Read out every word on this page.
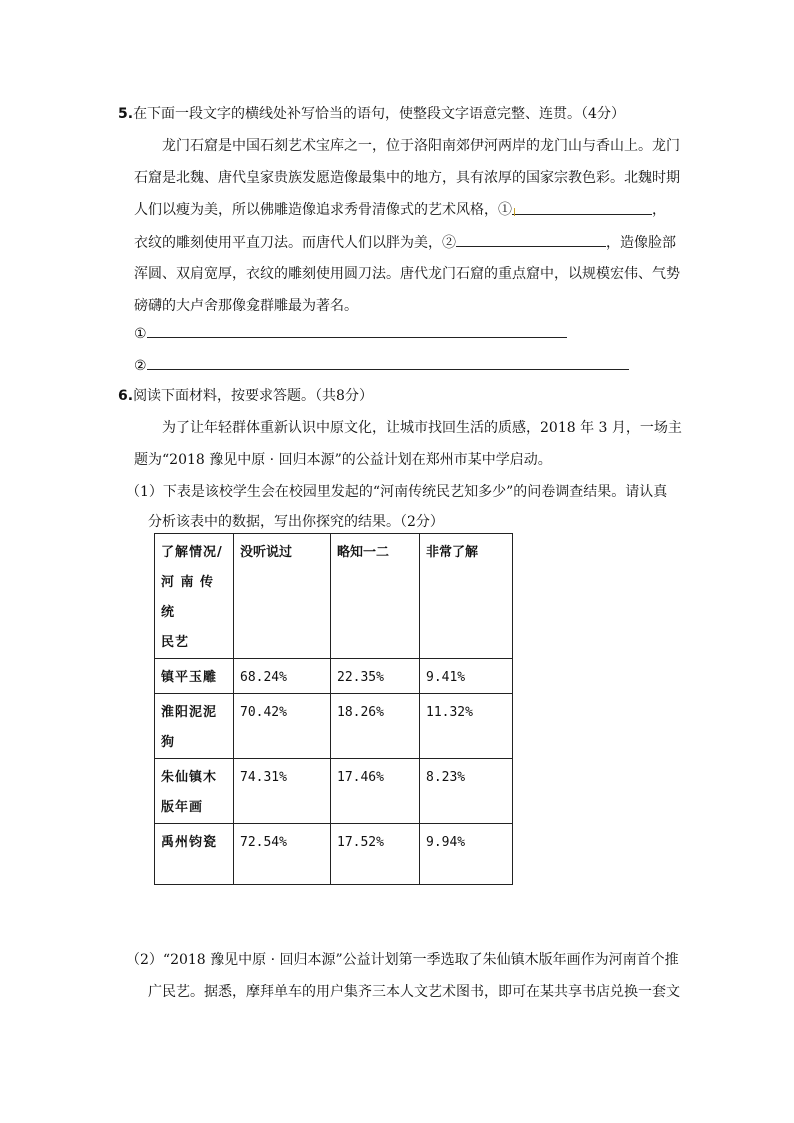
5.在下面一段文字的横线处补写恰当的语句，使整段文字语意完整、连贯。（4分）
龙门石窟是中国石刻艺术宝库之一，位于洛阳南郊伊河两岸的龙门山与香山上。龙门
石窟是北魏、唐代皇家贵族发愿造像最集中的地方，具有浓厚的国家宗教色彩。北魏时期
人们以瘦为美，所以佛雕造像追求秀骨清像式的艺术风格，①	，
衣纹的雕刻使用平直刀法。而唐代人们以胖为美，②	，造像脸部
浑圆、双肩宽厚，衣纹的雕刻使用圆刀法。唐代龙门石窟的重点窟中，以规模宏伟、气势
磅礴的大卢舍那像龛群雕最为著名。
①
②
6.阅读下面材料，按要求答题。（共8分）
为了让年轻群体重新认识中原文化，让城市找回生活的质感，2018 年 3 月，一场主
题为“2018 豫见中原 · 回归本源”的公益计划在郑州市某中学启动。
（1）下表是该校学生会在校园里发起的“河南传统民艺知多少”的问卷调查结果。请认真
分析该表中的数据，写出你探究的结果。（2分）
了解情况/
河 南 传 统
民艺	没听说过	略知一二	非常了解
镇平玉雕	68.24%	22.35%	9.41%

淮阳泥泥
狗	70.42%	18.26%	11.32%

朱仙镇木
版年画	74.31%	17.46%	8.23%
禹州钧瓷	72.54%	17.52%	9.94%
（2）“2018 豫见中原 · 回归本源”公益计划第一季选取了朱仙镇木版年画作为河南首个推
广民艺。据悉，摩拜单车的用户集齐三本人文艺术图书，即可在某共享书店兑换一套文
